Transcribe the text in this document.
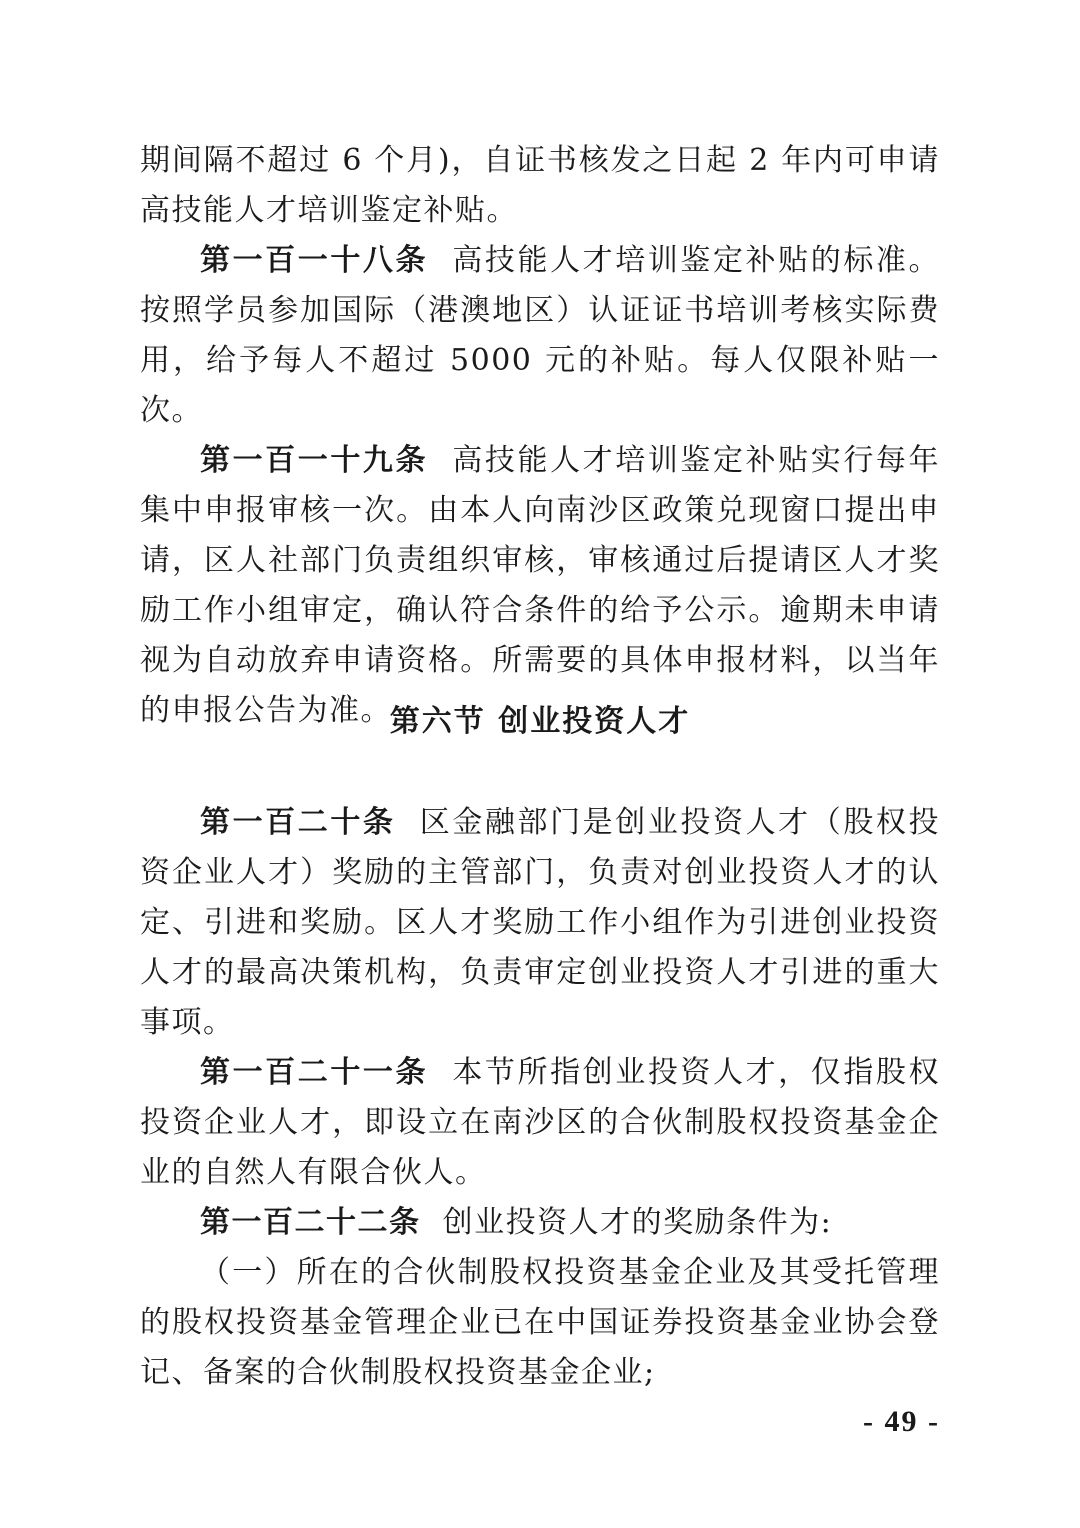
期间隔不超过 6 个月)，自证书核发之日起 2 年内可申请高技能人才培训鉴定补贴。

第一百一十八条 高技能人才培训鉴定补贴的标准。按照学员参加国际（港澳地区）认证证书培训考核实际费用，给予每人不超过 5000 元的补贴。每人仅限补贴一次。

第一百一十九条 高技能人才培训鉴定补贴实行每年集中申报审核一次。由本人向南沙区政策兑现窗口提出申请，区人社部门负责组织审核，审核通过后提请区人才奖励工作小组审定，确认符合条件的给予公示。逾期未申请视为自动放弃申请资格。所需要的具体申报材料，以当年的申报公告为准。

第六节 创业投资人才

第一百二十条 区金融部门是创业投资人才（股权投资企业人才）奖励的主管部门，负责对创业投资人才的认定、引进和奖励。区人才奖励工作小组作为引进创业投资人才的最高决策机构，负责审定创业投资人才引进的重大事项。

第一百二十一条 本节所指创业投资人才，仅指股权投资企业人才，即设立在南沙区的合伙制股权投资基金企业的自然人有限合伙人。

第一百二十二条 创业投资人才的奖励条件为:

（一）所在的合伙制股权投资基金企业及其受托管理的股权投资基金管理企业已在中国证券投资基金业协会登记、备案的合伙制股权投资基金企业;

- 49 -
